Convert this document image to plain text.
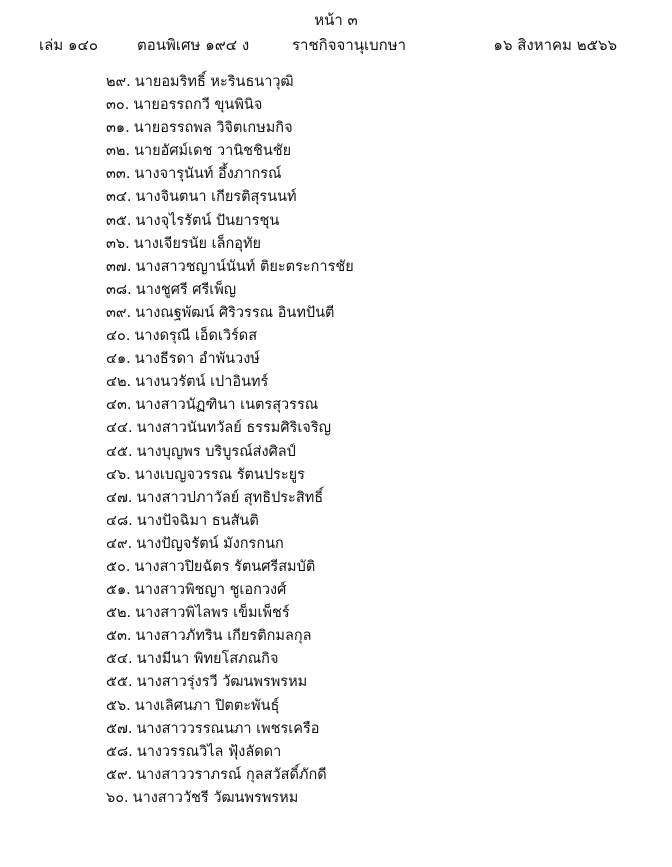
หน้า ๓
เล่ม ๑๔๐	ตอนพิเศษ ๑๙๔ ง	ราชกิจจานุเบกษา	๑๖ สิงหาคม ๒๕๖๖
๒๙. นายอมริทธิ์ หะรินธนาวุฒิ
๓๐. นายอรรถกวี ขุนพินิจ
๓๑. นายอรรถพล วิจิตเกษมกิจ
๓๒. นายอัศม์เดช วานิชชินชัย
๓๓. นางจารุนันท์ อึ้งภากรณ์
๓๔. นางจินตนา เกียรติสุรนนท์
๓๕. นางจุไรรัตน์ ปันยารชุน
๓๖. นางเจียรนัย เล็กอุทัย
๓๗. นางสาวชญาน์นันท์ ติยะตระการชัย
๓๘. นางชูศรี ศรีเพ็ญ
๓๙. นางณฐพัฒน์ ศิริวรรณ อินทปันตี
๔๐. นางดรุณี เอ็ดเวิร์ดส
๔๑. นางธีรดา อำพันวงษ์
๔๒. นางนวรัตน์ เปาอินทร์
๔๓. นางสาวนัฏฑินา เนตรสุวรรณ
๔๔. นางสาวนันทวัลย์ ธรรมศิริเจริญ
๔๕. นางบุญพร บริบูรณ์ส่งศิลป์
๔๖. นางเบญจวรรณ รัตนประยูร
๔๗. นางสาวปภาวัลย์ สุทธิประสิทธิ์
๔๘. นางปัจฉิมา ธนสันติ
๔๙. นางปัญจรัตน์ มังกรกนก
๕๐. นางสาวปิยฉัตร รัตนศรีสมบัติ
๕๑. นางสาวพิชญา ชูเอกวงศ์
๕๒. นางสาวพิไลพร เข็มเพ็ชร์
๕๓. นางสาวภัทริน เกียรติกมลกุล
๕๔. นางมีนา พิทยโสภณกิจ
๕๕. นางสาวรุ่งรวี วัฒนพรพรหม
๕๖. นางเลิศนภา ปิตตะพันธุ์
๕๗. นางสาววรรณนภา เพชรเครือ
๕๘. นางวรรณวิไล ฟุ้งลัดดา
๕๙. นางสาววราภรณ์ กุลสวัสดิ์ภักดี
๖๐. นางสาววัชรี วัฒนพรพรหม
